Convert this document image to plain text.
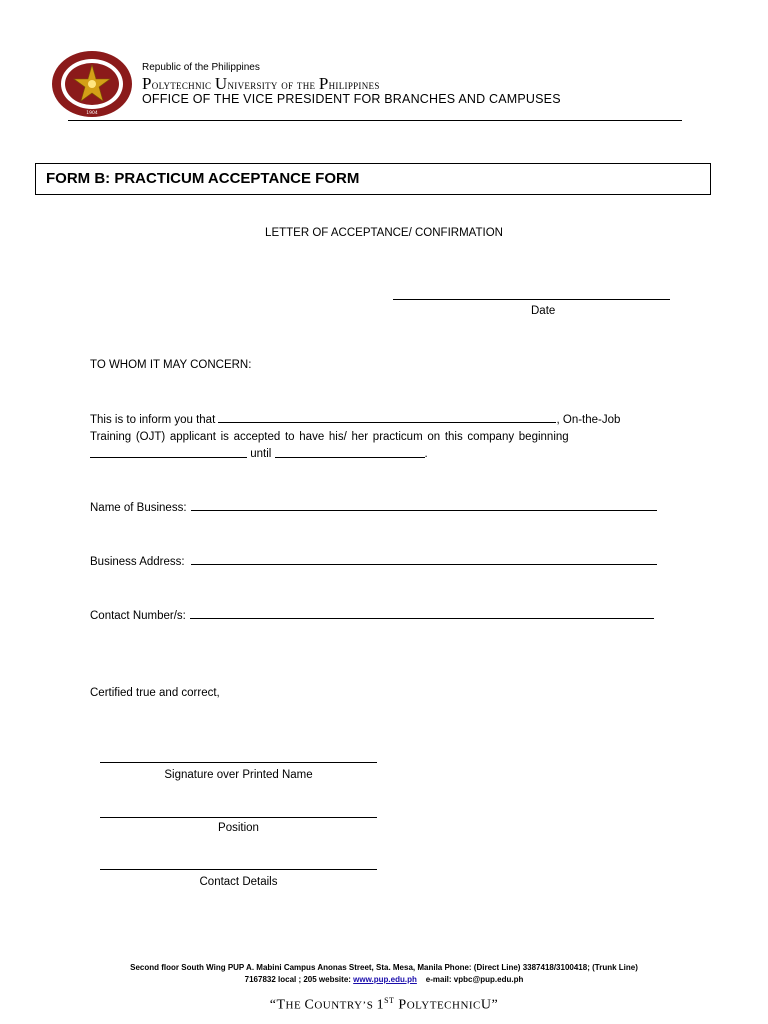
1904
Republic of the Philippines
Polytechnic University of the Philippines
OFFICE OF THE VICE PRESIDENT FOR BRANCHES AND CAMPUSES
FORM B: PRACTICUM ACCEPTANCE FORM
LETTER OF ACCEPTANCE/ CONFIRMATION
Date
TO WHOM IT MAY CONCERN:
This is to inform you that	, On-the-Job
Training (OJT) applicant is accepted to have his/ her practicum on this company beginning

until
	.
Name of Business:
Business Address:
Contact Number/s:
Certified true and correct,
Signature over Printed Name
Position
Contact Details
Second floor South Wing PUP A. Mabini Campus Anonas Street, Sta. Mesa, Manila Phone: (Direct Line) 3387418/3100418; (Trunk Line)
7167832 local ; 205 website: www.pup.edu.ph e-mail: vpbc@pup.edu.ph
“THE COUNTRY’S 1ST POLYTECHNICU”
